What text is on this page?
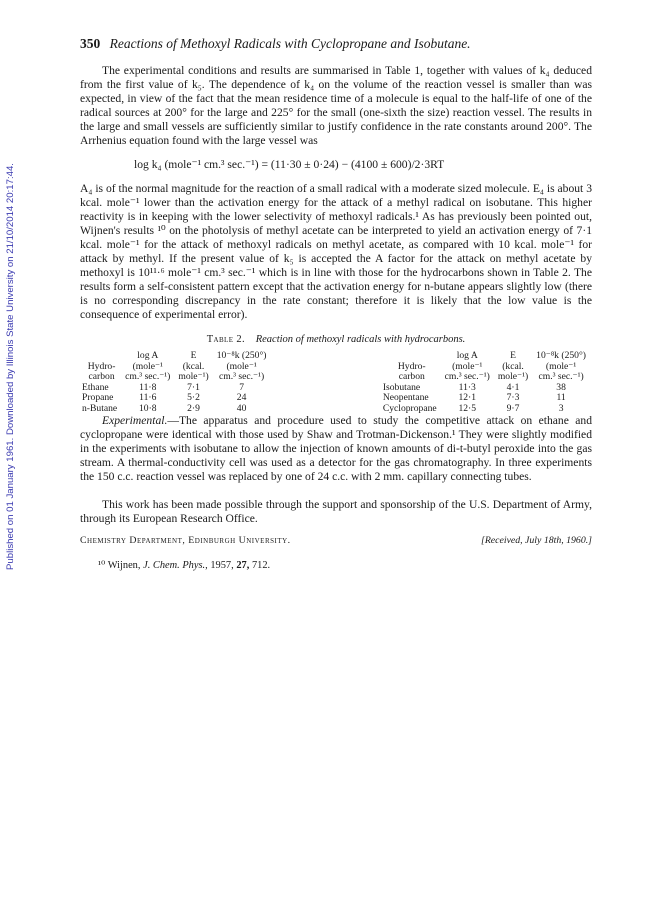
Published on 01 January 1961. Downloaded by Illinois State University on 21/10/2014 20:17:44.
350 Reactions of Methoxyl Radicals with Cyclopropane and Isobutane.

The experimental conditions and results are summarised in Table 1, together with values of k₄ deduced from the first value of k₅. The dependence of k₄ on the volume of the reaction vessel is smaller than was expected, in view of the fact that the mean residence time of a molecule is equal to the half-life of one of the radical sources at 200° for the large and 225° for the small (one-sixth the size) reaction vessel. The results in the large and small vessels are sufficiently similar to justify confidence in the rate constants around 200°. The Arrhenius equation found with the large vessel was

log k₄ (mole⁻¹ cm.³ sec.⁻¹) = (11·30 ± 0·24) − (4100 ± 600)/2·3RT

A₄ is of the normal magnitude for the reaction of a small radical with a moderate sized molecule. E₄ is about 3 kcal. mole⁻¹ lower than the activation energy for the attack of a methyl radical on isobutane. This higher reactivity is in keeping with the lower selectivity of methoxyl radicals.¹ As has previously been pointed out, Wijnen's results ¹⁰ on the photolysis of methyl acetate can be interpreted to yield an activation energy of 7·1 kcal. mole⁻¹ for the attack of methoxyl radicals on methyl acetate, as compared with 10 kcal. mole⁻¹ for attack by methyl. If the present value of k₅ is accepted the A factor for the attack on methyl acetate by methoxyl is 10¹¹·⁶ mole⁻¹ cm.³ sec.⁻¹ which is in line with those for the hydrocarbons shown in Table 2. The results form a self-consistent pattern except that the activation energy for n-butane appears slightly low (there is no corresponding discrepancy in the rate constant; therefore it is likely that the low value is the consequence of experimental error).

Table 2. Reaction of methoxyl radicals with hydrocarbons.

Hydro-
carbon	log A
(mole⁻¹
cm.³ sec.⁻¹)	E
(kcal.
mole⁻¹)	10⁻⁸k (250°)
(mole⁻¹
cm.³ sec.⁻¹)

Ethane	11·8	7·1	7
Propane	11·6	5·2	24
n-Butane	10·8	2·9	40

Hydro-
carbon	log A
(mole⁻¹
cm.³ sec.⁻¹)	E
(kcal.
mole⁻¹)	10⁻⁸k (250°)
(mole⁻¹
cm.³ sec.⁻¹)

Isobutane	11·3	4·1	38
Neopentane	12·1	7·3	11
Cyclopropane	12·5	9·7	3

Experimental.—The apparatus and procedure used to study the competitive attack on ethane and cyclopropane were identical with those used by Shaw and Trotman-Dickenson.¹ They were slightly modified in the experiments with isobutane to allow the injection of known amounts of di-t-butyl peroxide into the gas stream. A thermal-conductivity cell was used as a detector for the gas chromatography. In three experiments the 150 c.c. reaction vessel was replaced by one of 24 c.c. with 2 mm. capillary connecting tubes.

This work has been made possible through the support and sponsorship of the U.S. Department of Army, through its European Research Office.

Chemistry Department, Edinburgh University.	[Received, July 18th, 1960.]
¹⁰ Wijnen, J. Chem. Phys., 1957, 27, 712.
